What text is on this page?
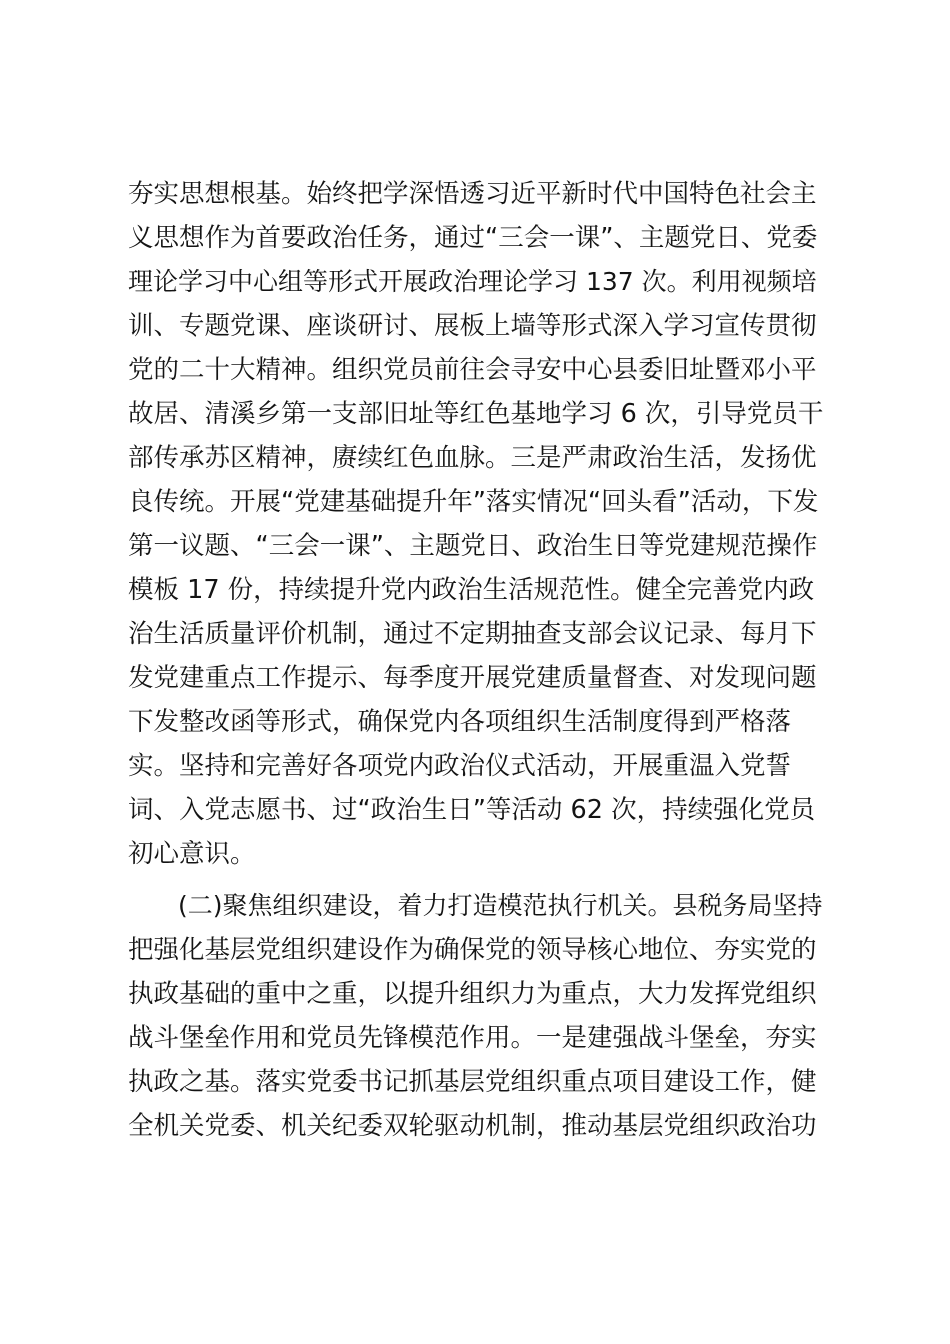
夯实思想根基。始终把学深悟透习近平新时代中国特色社会主
义思想作为首要政治任务，通过“三会一课”、主题党日、党委
理论学习中心组等形式开展政治理论学习 137 次。利用视频培
训、专题党课、座谈研讨、展板上墙等形式深入学习宣传贯彻
党的二十大精神。组织党员前往会寻安中心县委旧址暨邓小平
故居、清溪乡第一支部旧址等红色基地学习 6 次，引导党员干
部传承苏区精神，赓续红色血脉。三是严肃政治生活，发扬优
良传统。开展“党建基础提升年”落实情况“回头看”活动，下发
第一议题、“三会一课”、主题党日、政治生日等党建规范操作
模板 17 份，持续提升党内政治生活规范性。健全完善党内政
治生活质量评价机制，通过不定期抽查支部会议记录、每月下
发党建重点工作提示、每季度开展党建质量督查、对发现问题
下发整改函等形式，确保党内各项组织生活制度得到严格落
实。坚持和完善好各项党内政治仪式活动，开展重温入党誓
词、入党志愿书、过“政治生日”等活动 62 次，持续强化党员
初心意识。
(二)聚焦组织建设，着力打造模范执行机关。县税务局坚持
把强化基层党组织建设作为确保党的领导核心地位、夯实党的
执政基础的重中之重，以提升组织力为重点，大力发挥党组织
战斗堡垒作用和党员先锋模范作用。一是建强战斗堡垒，夯实
执政之基。落实党委书记抓基层党组织重点项目建设工作，健
全机关党委、机关纪委双轮驱动机制，推动基层党组织政治功
